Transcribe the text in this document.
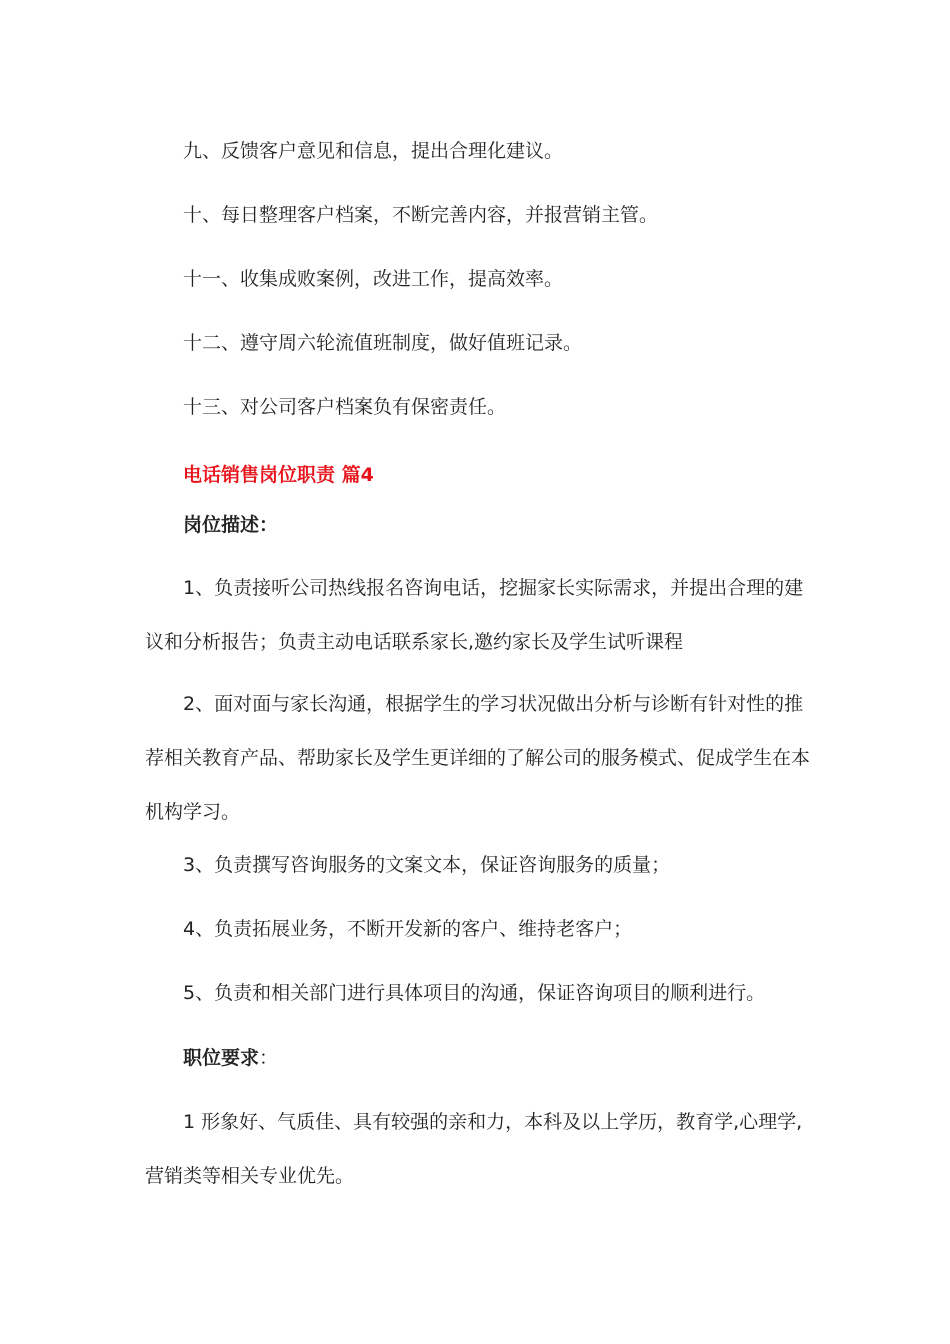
九、反馈客户意见和信息，提出合理化建议。

十、每日整理客户档案，不断完善内容，并报营销主管。

十一、收集成败案例，改进工作，提高效率。

十二、遵守周六轮流值班制度，做好值班记录。

十三、对公司客户档案负有保密责任。

电话销售岗位职责 篇4

岗位描述：

1、负责接听公司热线报名咨询电话，挖掘家长实际需求，并提出合理的建议和分析报告；负责主动电话联系家长,邀约家长及学生试听课程

2、面对面与家长沟通，根据学生的学习状况做出分析与诊断有针对性的推荐相关教育产品、帮助家长及学生更详细的了解公司的服务模式、促成学生在本机构学习。

3、负责撰写咨询服务的文案文本，保证咨询服务的质量；

4、负责拓展业务，不断开发新的客户、维持老客户；

5、负责和相关部门进行具体项目的沟通，保证咨询项目的顺利进行。

职位要求：

1 形象好、气质佳、具有较强的亲和力，本科及以上学历，教育学,心理学,营销类等相关专业优先。
